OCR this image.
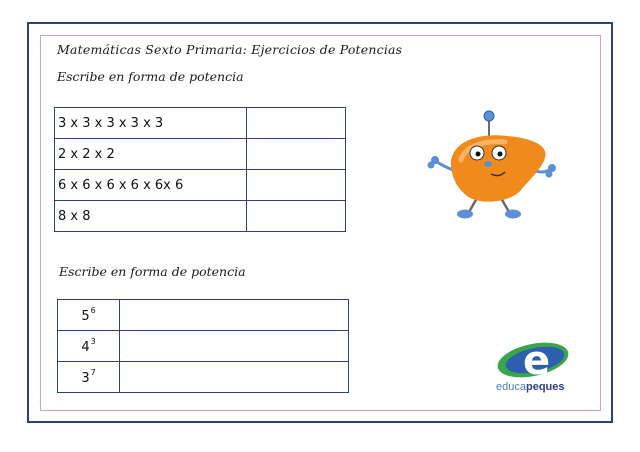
Matemáticas Sexto Primaria: Ejercicios de Potencias
Escribe en forma de potencia
3 x 3 x 3 x 3 x 3	
2 x 2 x 2	
6 x 6 x 6 x 6 x 6x 6	
8 x 8	
Escribe en forma de potencia
$5^6$	
$4^3$	
$3^7$		e
educapeques
